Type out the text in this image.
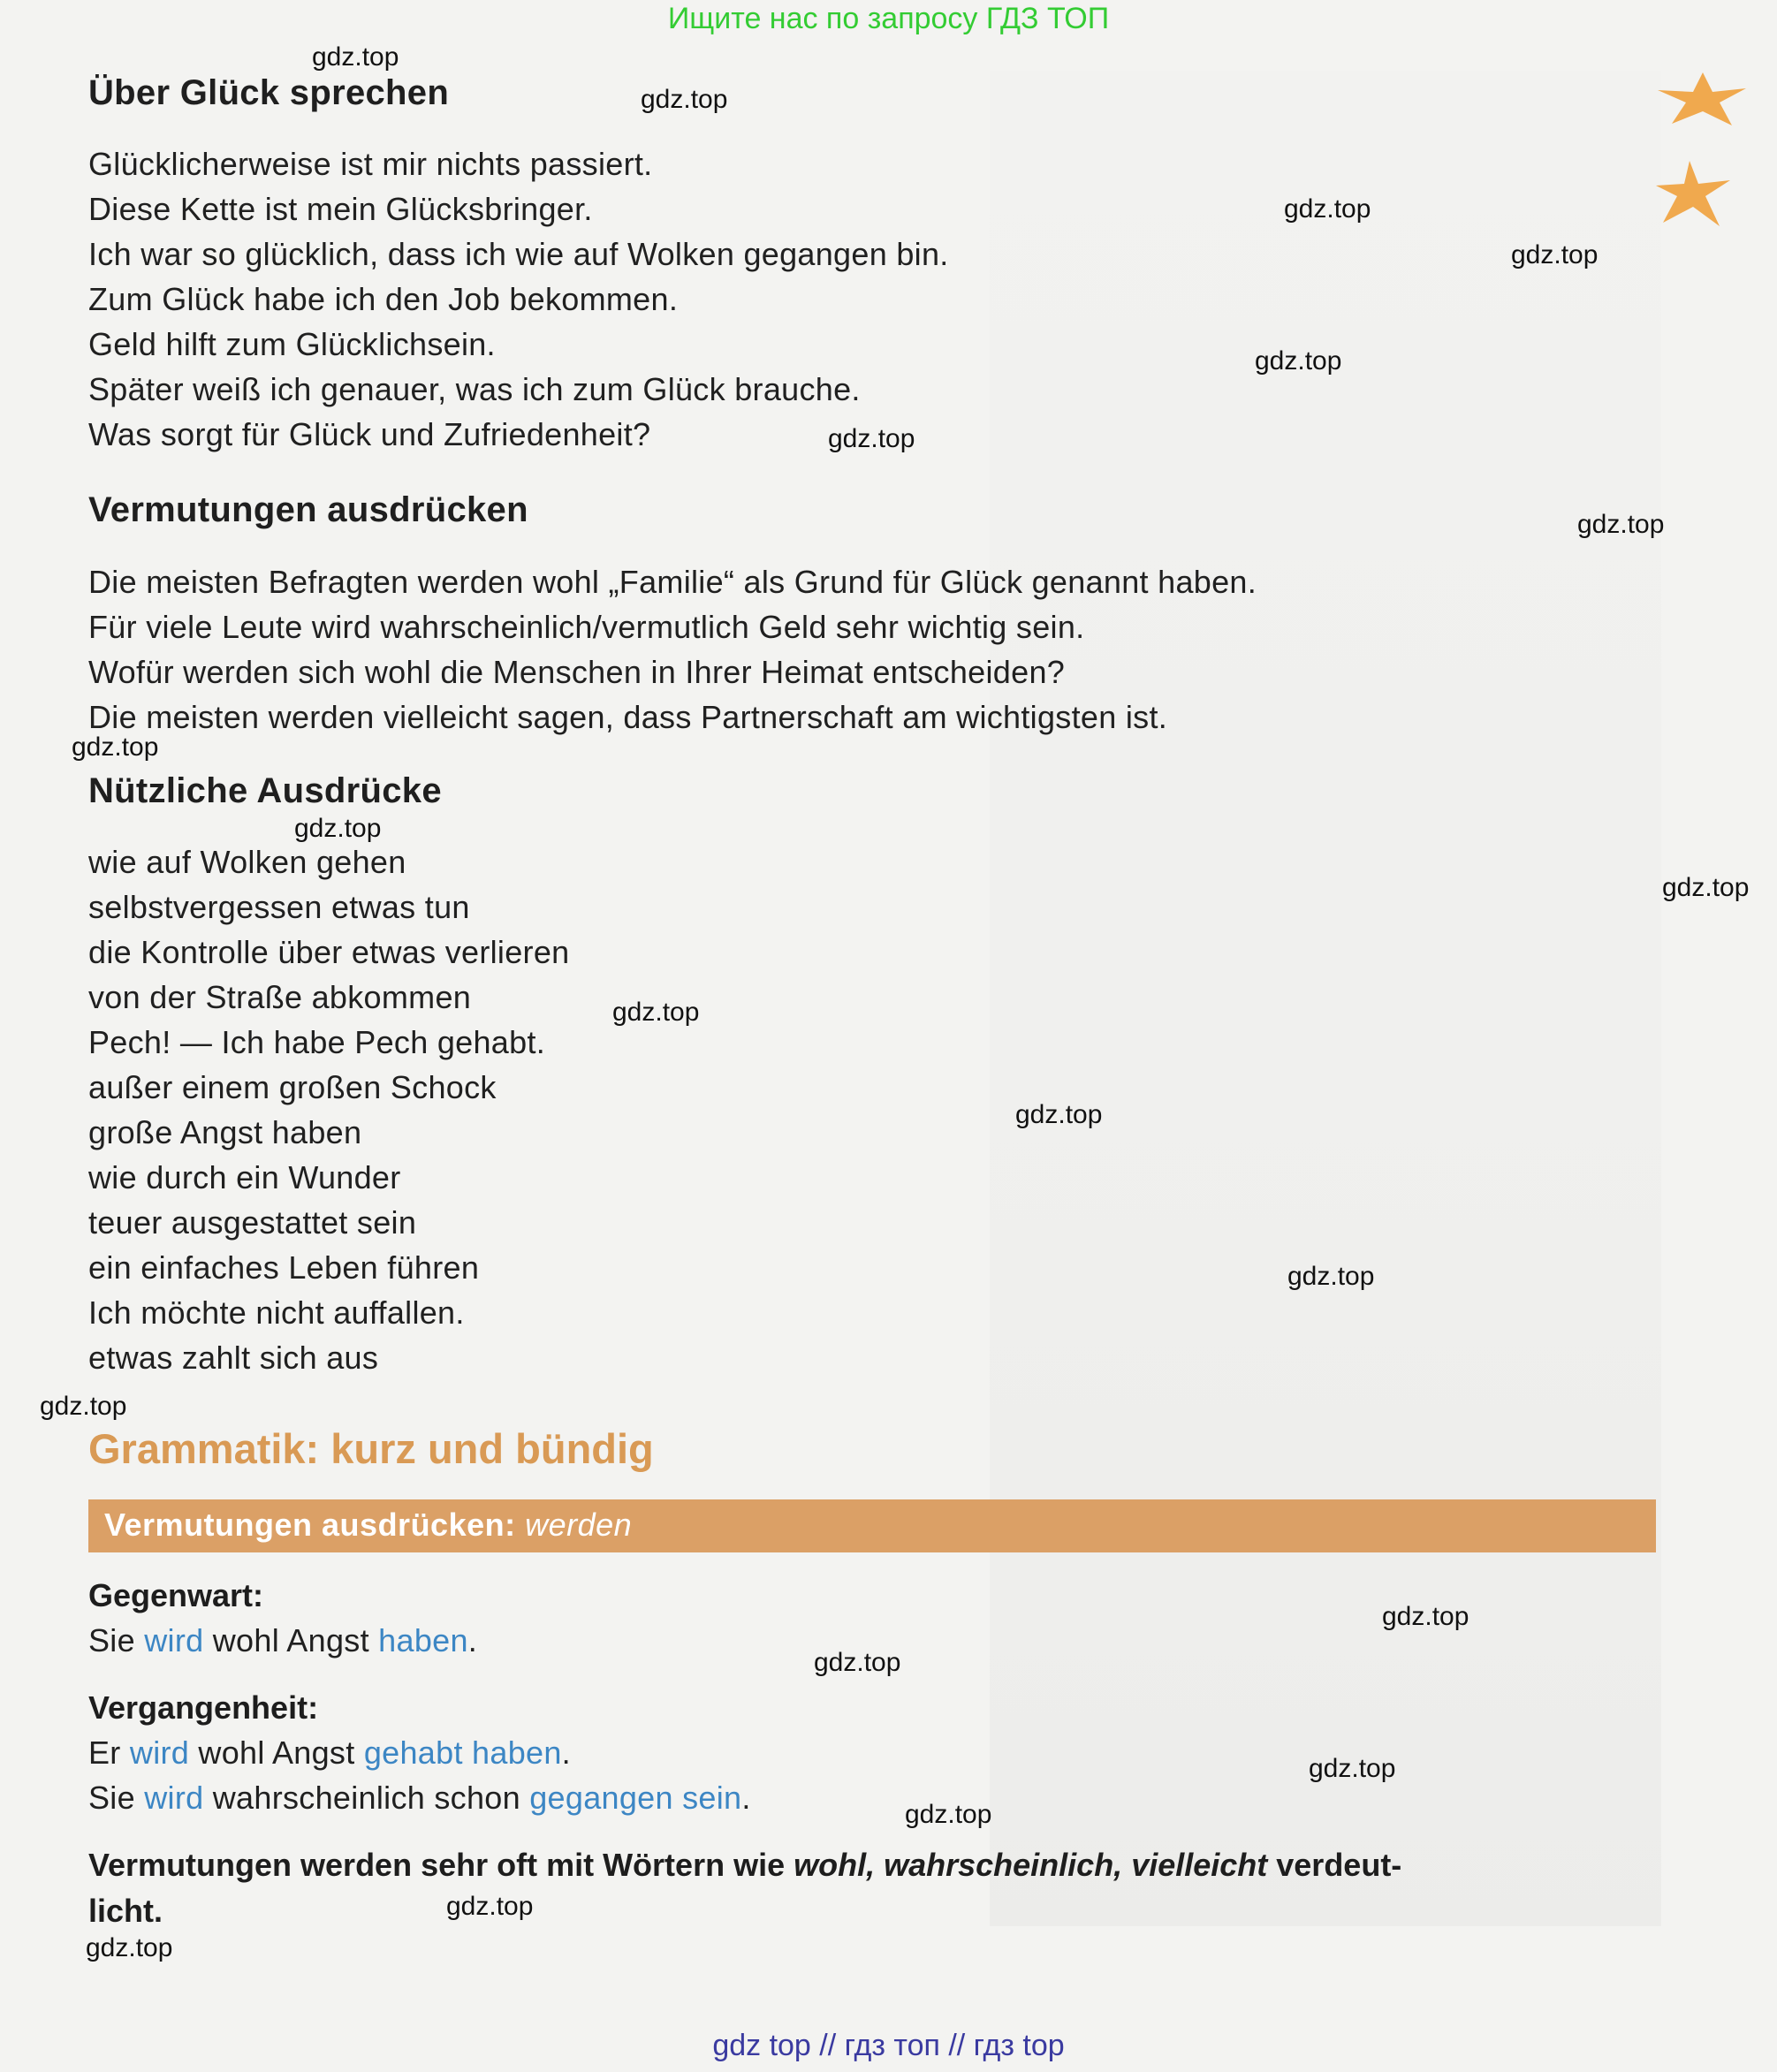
Ищите нас по запросу ГДЗ ТОП
Über Glück sprechen

Glücklicherweise ist mir nichts passiert.

Diese Kette ist mein Glücksbringer.

Ich war so glücklich, dass ich wie auf Wolken gegangen bin.

Zum Glück habe ich den Job bekommen.

Geld hilft zum Glücklichsein.

Später weiß ich genauer, was ich zum Glück brauche.

Was sorgt für Glück und Zufriedenheit?

Vermutungen ausdrücken

Die meisten Befragten werden wohl „Familie“ als Grund für Glück genannt haben.

Für viele Leute wird wahrscheinlich/vermutlich Geld sehr wichtig sein.

Wofür werden sich wohl die Menschen in Ihrer Heimat entscheiden?

Die meisten werden vielleicht sagen, dass Partnerschaft am wichtigsten ist.

Nützliche Ausdrücke

wie auf Wolken gehen

selbstvergessen etwas tun

die Kontrolle über etwas verlieren

von der Straße abkommen

Pech! — Ich habe Pech gehabt.

außer einem großen Schock

große Angst haben

wie durch ein Wunder

teuer ausgestattet sein

ein einfaches Leben führen

Ich möchte nicht auffallen.

etwas zahlt sich aus

Grammatik: kurz und bündig
Vermutungen ausdrücken: werden

Gegenwart:

Sie wird wohl Angst haben.

Vergangenheit:

Er wird wohl Angst gehabt haben.

Sie wird wahrscheinlich schon gegangen sein.

Vermutungen werden sehr oft mit Wörtern wie wohl, wahrscheinlich, vielleicht verdeut-
licht.

gdz.top
gdz.top
gdz.top
gdz.top
gdz.top
gdz.top
gdz.top
gdz.top
gdz.top
gdz.top
gdz.top
gdz.top
gdz.top
gdz.top
gdz.top
gdz.top
gdz.top
gdz.top
gdz.top
gdz.top
gdz top // гдз топ // гдз top
